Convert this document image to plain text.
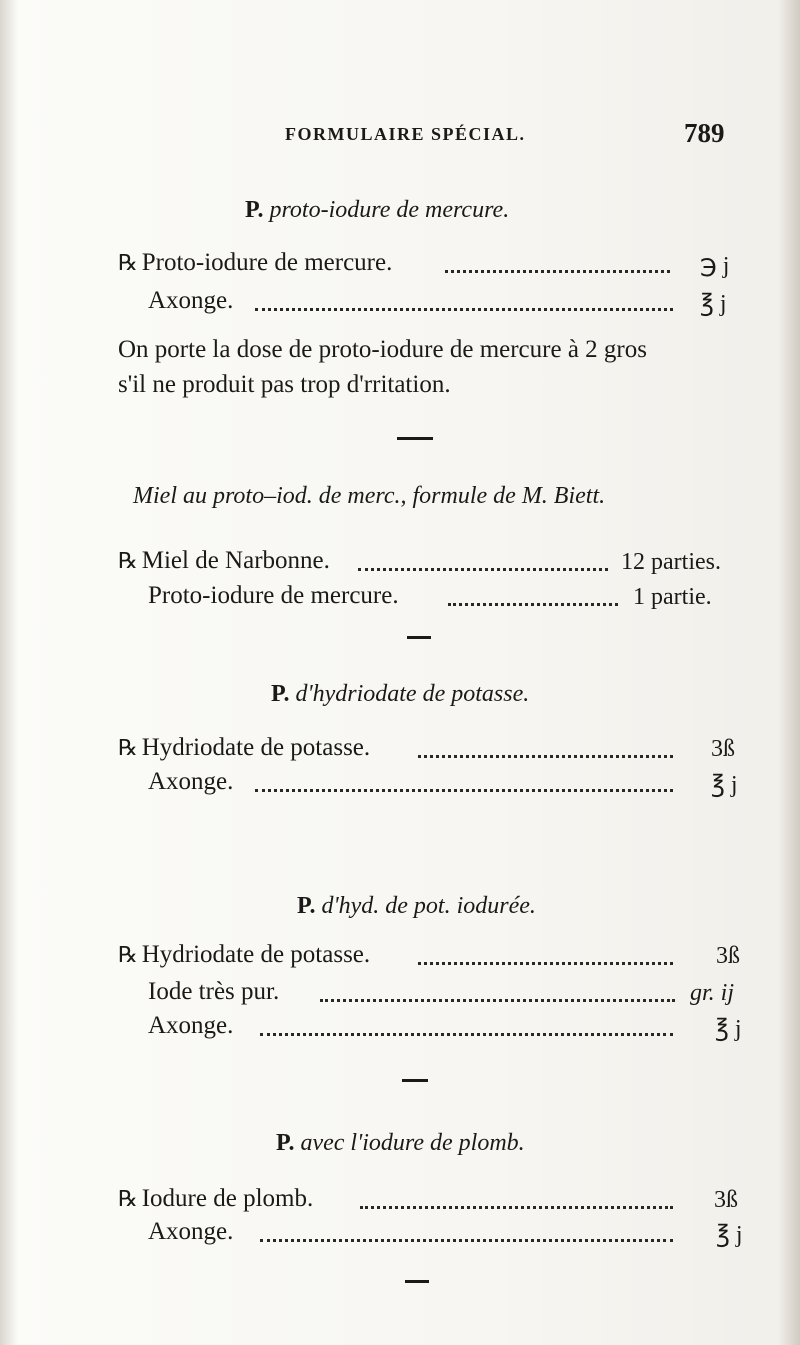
FORMULAIRE SPÉCIAL.	789
P. proto-iodure de mercure.
℞ Proto-iodure de mercure.	℈ j
Axonge.	℥ j
On porte la dose de proto-iodure de mercure à 2 gros
s'il ne produit pas trop d'rritation.
Miel au proto–iod. de merc., formule de M. Biett.
℞ Miel de Narbonne.	12 parties.
Proto-iodure de mercure.	1 partie.
P. d'hydriodate de potasse.
℞ Hydriodate de potasse.	3ß
Axonge.	℥ j
P. d'hyd. de pot. iodurée.
℞ Hydriodate de potasse.	3ß
Iode très pur.	gr. ij
Axonge.	℥ j
P. avec l'iodure de plomb.
℞ Iodure de plomb.	3ß
Axonge.	℥ j
